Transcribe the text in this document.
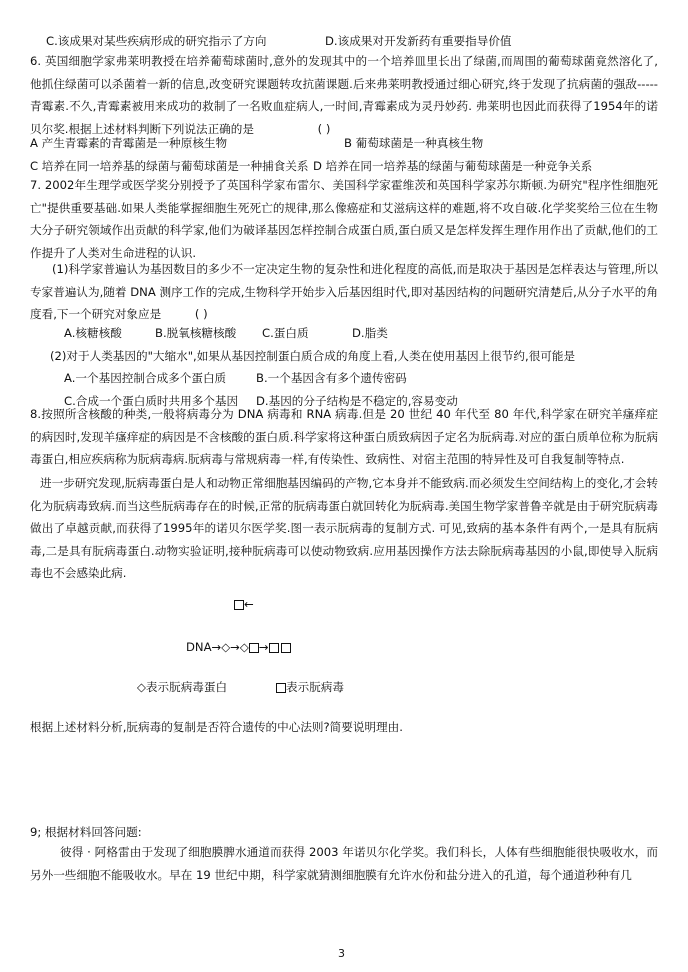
C.该成果对某些疾病形成的研究指示了方向	D.该成果对开发新药有重要指导价值
6. 英国细胞学家弗莱明教授在培养葡萄球菌时,意外的发现其中的一个培养皿里长出了绿菌,而周围的葡萄球菌竟然溶化了,他抓住绿菌可以杀菌着一新的信息,改变研究课题转攻抗菌课题.后来弗莱明教授通过细心研究,终于发现了抗病菌的强敌-----青霉素.不久,青霉素被用来成功的救制了一名败血症病人,一时间,青霉素成为灵丹妙药. 弗莱明也因此而获得了1954年的诺贝尔奖.根据上述材料判断下列说法正确的是	( )
A 产生青霉素的青霉菌是一种原核生物	B 葡萄球菌是一种真核生物
C 培养在同一培养基的绿菌与葡萄球菌是一种捕食关系 D 培养在同一培养基的绿菌与葡萄球菌是一种竞争关系
7. 2002年生理学或医学奖分别授予了英国科学家布雷尔、美国科学家霍维茨和英国科学家苏尔斯顿.为研究"程序性细胞死亡"提供重要基础.如果人类能掌握细胞生死死亡的规律,那么像癌症和艾滋病这样的难题,将不攻自破.化学奖奖给三位在生物大分子研究领域作出贡献的科学家,他们为破译基因怎样控制合成蛋白质,蛋白质又是怎样发挥生理作用作出了贡献,他们的工作提升了人类对生命进程的认识.
(1)科学家普遍认为基因数目的多少不一定决定生物的复杂性和进化程度的高低,而是取决于基因是怎样表达与管理,所以专家普遍认为,随着 DNA 测序工作的完成,生物科学开始步入后基因组时代,即对基因结构的问题研究清楚后,从分子水平的角度看,下一个研究对象应是	( )
A.核糖核酸	B.脱氧核糖核酸 C.蛋白质	D.脂类
(2)对于人类基因的"大缩水",如果从基因控制蛋白质合成的角度上看,人类在使用基因上很节约,很可能是
A.一个基因控制合成多个蛋白质	B.一个基因含有多个遗传密码
C.合成一个蛋白质时共用多个基因 D.基因的分子结构是不稳定的,容易变动
8.按照所含核酸的种类,一般将病毒分为 DNA 病毒和 RNA 病毒.但是 20 世纪 40 年代至 80 年代,科学家在研究羊瘙痒症的病因时,发现羊瘙痒症的病因是不含核酸的蛋白质.科学家将这种蛋白质致病因子定名为朊病毒.对应的蛋白质单位称为朊病毒蛋白,相应疾病称为朊病毒病.朊病毒与常规病毒一样,有传染性、致病性、对宿主范围的特异性及可自我复制等特点.
进一步研究发现,朊病毒蛋白是人和动物正常细胞基因编码的产物,它本身并不能致病.而必须发生空间结构上的变化,才会转化为朊病毒致病.而当这些朊病毒存在的时候,正常的朊病毒蛋白就回转化为朊病毒.美国生物学家普鲁辛就是由于研究朊病毒做出了卓越贡献,而获得了1995年的诺贝尔医学奖.图一表示朊病毒的复制方式. 可见,致病的基本条件有两个,一是具有朊病毒,二是具有朊病毒蛋白.动物实验证明,接种朊病毒可以使动物致病.应用基因操作方法去除朊病毒基因的小鼠,即使导入朊病毒也不会感染此病.
←
DNA→◇→◇ →
◇表示朊病毒蛋白	表示朊病毒
根据上述材料分析,朊病毒的复制是否符合遗传的中心法则?简要说明理由.
9; 根据材料回答问题:
彼得 · 阿格雷由于发现了细胞膜脾水通道而获得 2003 年诺贝尔化学奖。我们科长，人体有些细胞能很快吸收水，而另外一些细胞不能吸收水。早在 19 世纪中期，科学家就猜测细胞膜有允许水份和盐分进入的孔道，每个通道秒种有几
3
